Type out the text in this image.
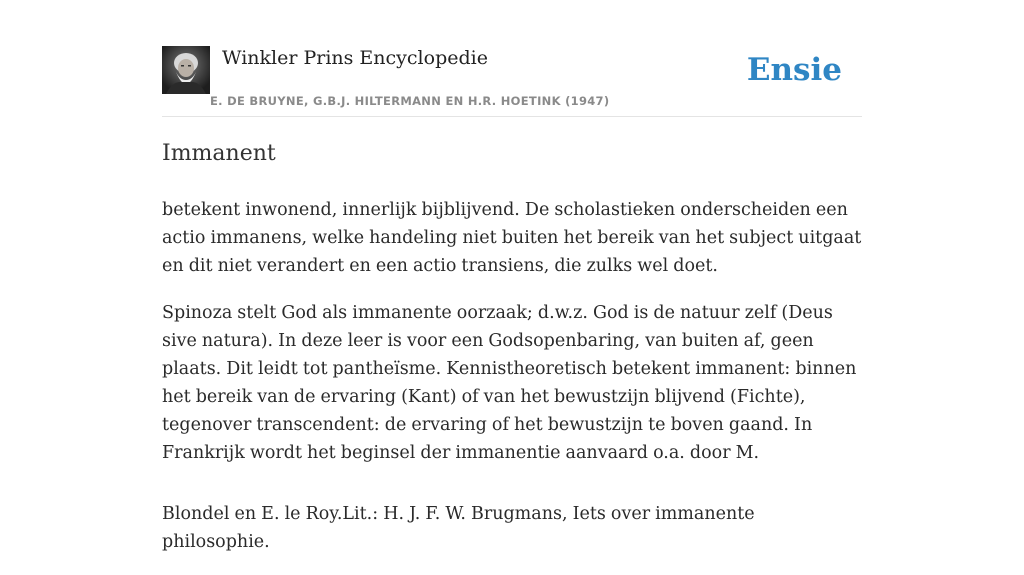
Winkler Prins Encyclopedie
E. DE BRUYNE, G.B.J. HILTERMANN EN H.R. HOETINK (1947)
Ensie
Immanent

betekent inwonend, innerlijk bijblijvend. De scholastieken onderscheiden een actio immanens, welke handeling niet buiten het bereik van het subject uitgaat en dit niet verandert en een actio transiens, die zulks wel doet.

Spinoza stelt God als immanente oorzaak; d.w.z. God is de natuur zelf (Deus sive natura). In deze leer is voor een Godsopenbaring, van buiten af, geen plaats. Dit leidt tot pantheïsme. Kennistheoretisch betekent immanent: binnen het bereik van de ervaring (Kant) of van het bewustzijn blijvend (Fichte), tegenover transcendent: de ervaring of het bewustzijn te boven gaand. In Frankrijk wordt het beginsel der immanentie aanvaard o.a. door M.

Blondel en E. le Roy.Lit.: H. J. F. W. Brugmans, Iets over immanente philosophie.
